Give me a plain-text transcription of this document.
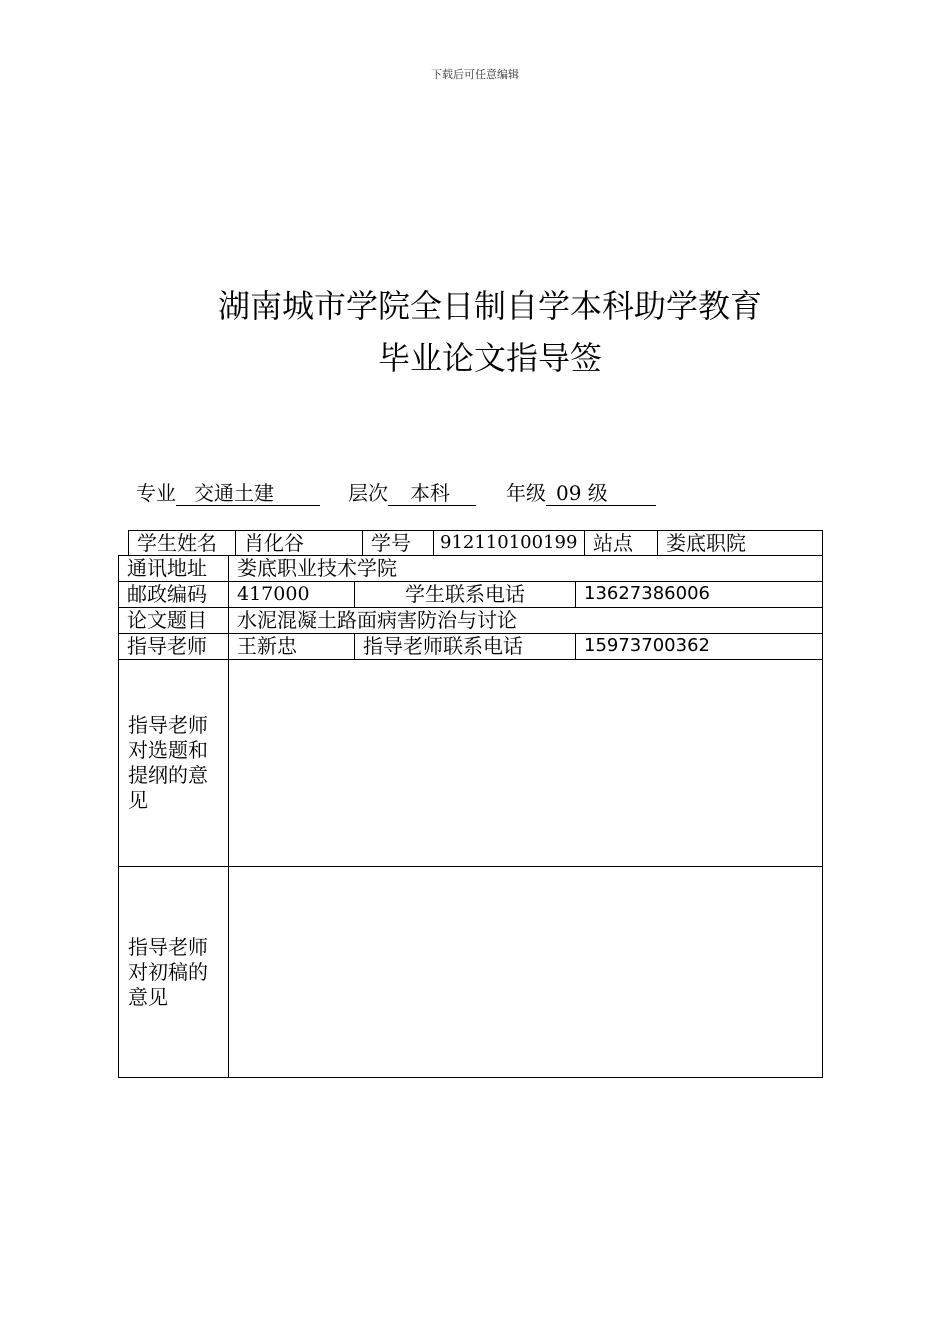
下载后可任意编辑
湖南城市学院全日制自学本科助学教育
毕业论文指导签
专业 交通土建	层次 本科	年级 09 级
学生姓名	肖化谷	学号	912110100199 站点	娄底职院
通讯地址	娄底职业技术学院
邮政编码	417000	学生联系电话	13627386006
论文题目	水泥混凝土路面病害防治与讨论
指导老师	王新忠	指导老师联系电话	15973700362
指导老师对选题和提纲的意见
指导老师对初稿的意见
